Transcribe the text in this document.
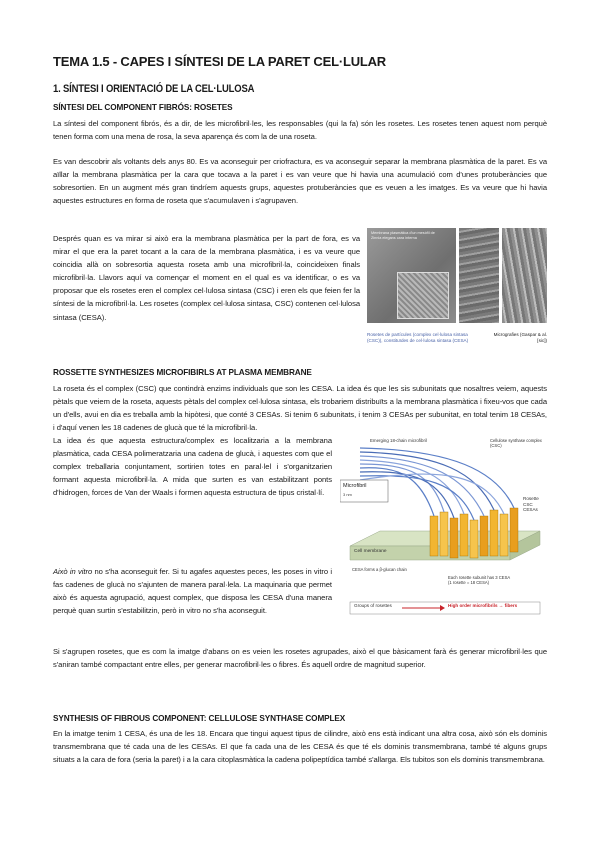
TEMA 1.5 - CAPES I SÍNTESI DE LA PARET CEL·LULAR
1. SÍNTESI I ORIENTACIÓ DE LA CEL·LULOSA
SÍNTESI DEL COMPONENT FIBRÓS: ROSETES

La síntesi del component fibrós, és a dir, de les microfibril·les, les responsables (qui la fa) són les rosetes. Les rosetes tenen aquest nom perquè tenen forma com una mena de rosa, la seva aparença és com la de una roseta.

Es van descobrir als voltants dels anys 80. Es va aconseguir per criofractura, es va aconseguir separar la membrana plasmàtica de la paret. Es va aïllar la membrana plasmàtica per la cara que tocava a la paret i es van veure que hi havia una acumulació com d'unes protuberàncies que sobresortien. En un augment més gran tindríem aquests grups, aquestes protuberàncies que es veuen a les imatges. Es va veure que hi havia aquestes estructures en forma de roseta que s'acumulaven i s'agrupaven.

Després quan es va mirar si això era la membrana plasmàtica per la part de fora, es va mirar el que era la paret tocant a la cara de la membrana plasmàtica, i es va veure que coincidia allà on sobresortia aquesta roseta amb una microfibril·la, coincideixen finals microfibril·la. Llavors aquí va començar el moment en el qual es va identificar, o es va proposar que els rosetes eren el complex cel·lulosa sintasa (CSC) i eren els que feien fer la síntesi de la microfibril·la. Les rosetes (complex cel·lulosa sintasa, CSC) contenen cel·lulosa sintasa (CESA).

Membrana plasmàtica d'un mesòfil de Zinnia elegans cara interna
Rosetes de partícules (complex cel·lulosa sintasa (CSC)), constituïdes de cel·lulosa sintasa (CESA)
Micrografies (Gaspar & al. [sic])
ROSSETTE SYNTHESIZES MICROFIBIRLS AT PLASMA MEMBRANE

La roseta és el complex (CSC) que contindrà enzims individuals que son les CESA. La idea és que les sis subunitats que nosaltres veiem, aquests pètals que veiem de la roseta, aquests pètals del complex cel·lulosa sintasa, els trobariem distribuïts a la membrana plasmàtica i fixeu-vos que cada un d'ells, avui en dia es treballa amb la hipòtesi, que conté 3 CESAs. Si tenim 6 subunitats, i tenim 3 CESAs per subunitat, en total tenim 18 CESAs, i d'aquí venen les 18 cadenes de glucà que té la microfibril·la.

La idea és que aquesta estructura/complex es localitzaria a la membrana plasmàtica, cada CESA polimeratzaria una cadena de glucà, i aquestes com que el complex treballaria conjuntament, sortirien totes en paral·lel i s'organitzarien formant aquesta microfibril·la. A mida que surten es van estabilitzant ponts d'hidrogen, forces de Van der Waals i formen aquesta estructura de tipus cristal·lí.

Això in vitro no s'ha aconseguit fer. Si tu agafes aquestes peces, les poses in vitro i fas cadenes de glucà no s'ajunten de manera paral·lela. La maquinaria que permet això és aquesta agrupació, aquest complex, que disposa les CESA d'una manera perquè quan surtin s'estabilitzin, però in vitro no s'ha aconseguit.

Emerging 18-chain microfibril	Cellulose synthase complex (CSC)
Microfibril
3 nm
Rosette
CSC
CESAs
Cell membrane
CESA forms a β-glucan chain
Each rosette subunit has 3 CESA
(1 rosette = 18 CESA)
Groups of rosettes	High order microfibrils → fibers

Si s'agrupen rosetes, que es com la imatge d'abans on es veien les rosetes agrupades, això el que bàsicament farà és generar microfibril·les que s'aniran també compactant entre elles, per generar macrofibril·les o fibres. És aquell ordre de magnitud superior.

SYNTHESIS OF FIBROUS COMPONENT: CELLULOSE SYNTHASE COMPLEX

En la imatge tenim 1 CESA, és una de les 18. Encara que tingui aquest tipus de cilindre, això ens està indicant una altra cosa, això són els dominis transmembrana que té cada una de les CESAs. El que fa cada una de les CESA és que té els dominis transmembrana, també té alguns grups situats a la cara de fora (seria la paret) i a la cara citoplasmàtica la cadena polipeptídica també s'allarga. Els tubitos son els dominis transmembrana.
